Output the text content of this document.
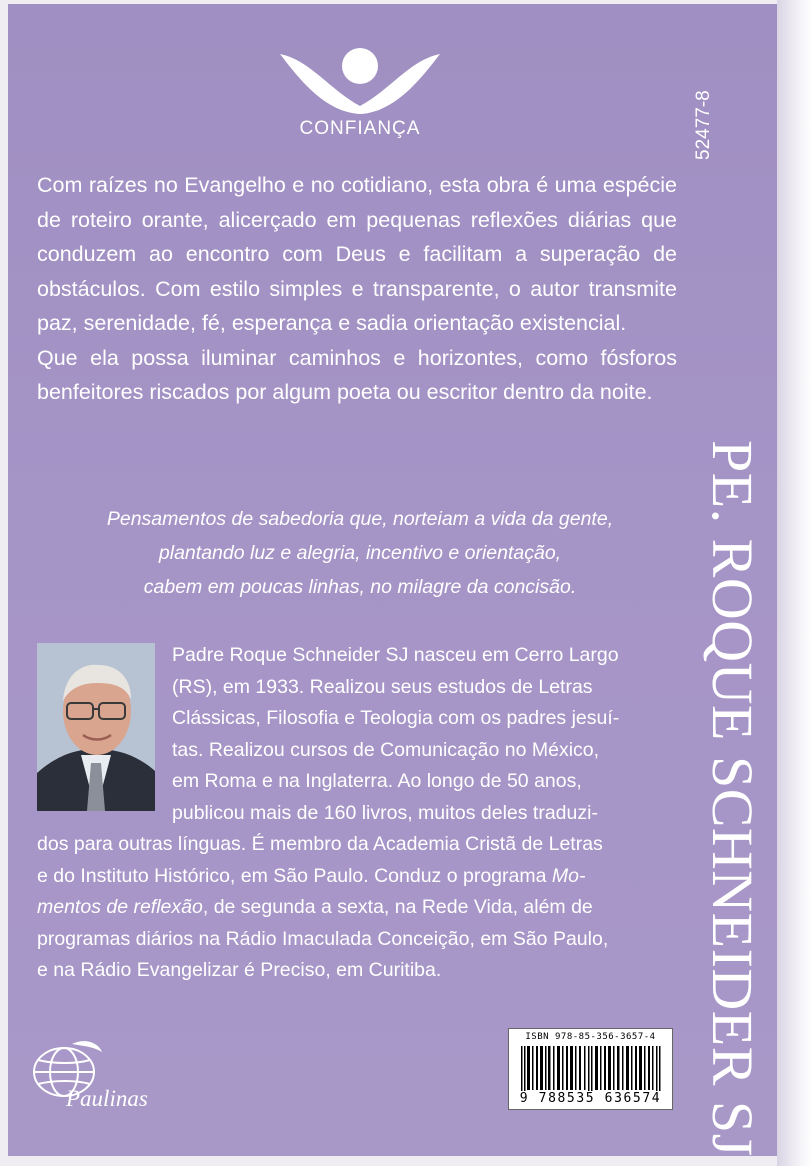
CONFIANÇA	52477-8

Com raízes no Evangelho e no cotidiano, esta obra é uma espécie de roteiro orante, alicerçado em pequenas reflexões diárias que conduzem ao encontro com Deus e facilitam a superação de obstáculos. Com estilo simples e transparente, o autor transmite paz, serenidade, fé, esperança e sadia orientação existencial.

Que ela possa iluminar caminhos e horizontes, como fósforos benfeitores riscados por algum poeta ou escritor dentro da noite.

Pensamentos de sabedoria que, norteiam a vida da gente,
plantando luz e alegria, incentivo e orientação,
cabem em poucas linhas, no milagre da concisão.
Padre Roque Schneider SJ nasceu em Cerro Largo
(RS), em 1933. Realizou seus estudos de Letras
Clássicas, Filosofia e Teologia com os padres jesuí-
tas. Realizou cursos de Comunicação no México,
em Roma e na Inglaterra. Ao longo de 50 anos,
publicou mais de 160 livros, muitos deles traduzi-
dos para outras línguas. É membro da Academia Cristã de Letras
e do Instituto Histórico, em São Paulo. Conduz o programa Mo-
mentos de reflexão, de segunda a sexta, na Rede Vida, além de
programas diários na Rádio Imaculada Conceição, em São Paulo,
e na Rádio Evangelizar é Preciso, em Curitiba.	PE. ROQUE SCHNEIDER SJ
Paulinas
ISBN 978-85-356-3657-4
9 788535 636574
